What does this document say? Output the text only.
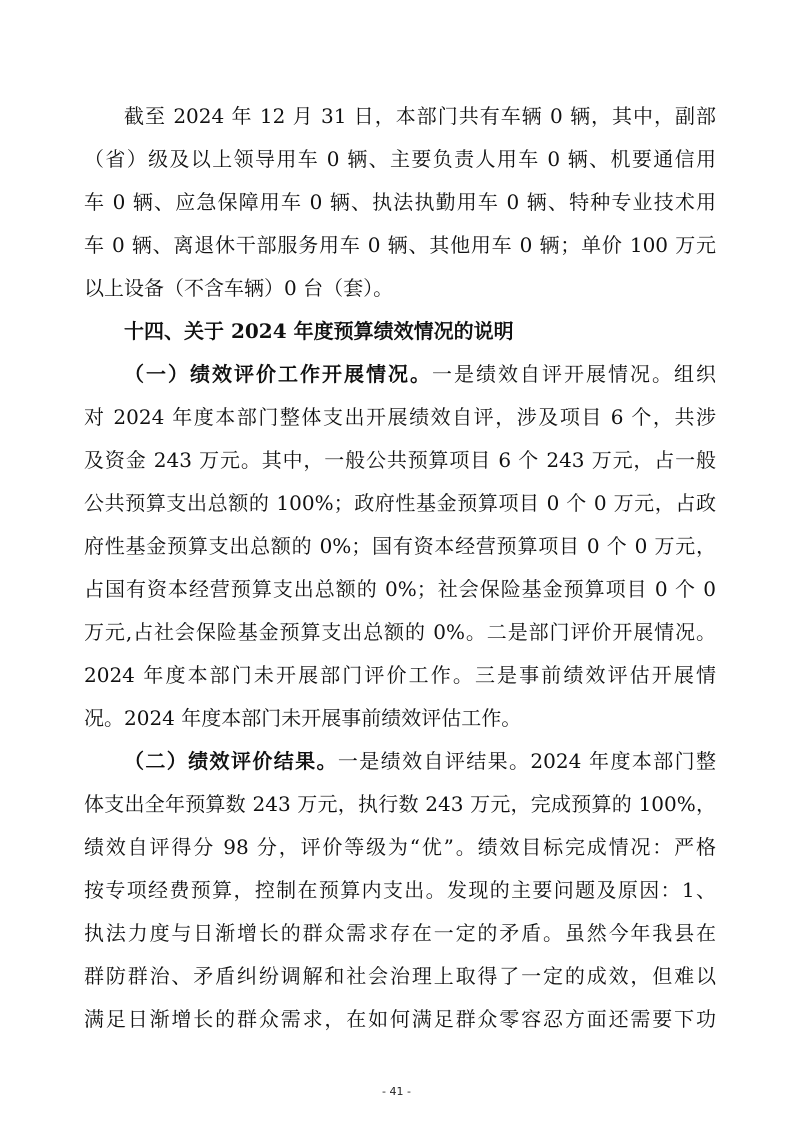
截至 2024 年 12 月 31 日，本部门共有车辆 0 辆，其中，副部
（省）级及以上领导用车 0 辆、主要负责人用车 0 辆、机要通信用
车 0 辆、应急保障用车 0 辆、执法执勤用车 0 辆、特种专业技术用
车 0 辆、离退休干部服务用车 0 辆、其他用车 0 辆；单价 100 万元
以上设备（不含车辆）0 台（套）。
十四、关于 2024 年度预算绩效情况的说明
（一）绩效评价工作开展情况。一是绩效自评开展情况。组织
对 2024 年度本部门整体支出开展绩效自评，涉及项目 6 个，共涉
及资金 243 万元。其中，一般公共预算项目 6 个 243 万元，占一般
公共预算支出总额的 100%；政府性基金预算项目 0 个 0 万元，占政
府性基金预算支出总额的 0%；国有资本经营预算项目 0 个 0 万元，
占国有资本经营预算支出总额的 0%；社会保险基金预算项目 0 个 0
万元,占社会保险基金预算支出总额的 0%。二是部门评价开展情况。
2024 年度本部门未开展部门评价工作。三是事前绩效评估开展情
况。2024 年度本部门未开展事前绩效评估工作。
（二）绩效评价结果。一是绩效自评结果。2024 年度本部门整
体支出全年预算数 243 万元，执行数 243 万元，完成预算的 100%，
绩效自评得分 98 分，评价等级为“优”。绩效目标完成情况：严格
按专项经费预算，控制在预算内支出。发现的主要问题及原因：1、
执法力度与日渐增长的群众需求存在一定的矛盾。虽然今年我县在
群防群治、矛盾纠纷调解和社会治理上取得了一定的成效，但难以
满足日渐增长的群众需求，在如何满足群众零容忍方面还需要下功
- 41 -
